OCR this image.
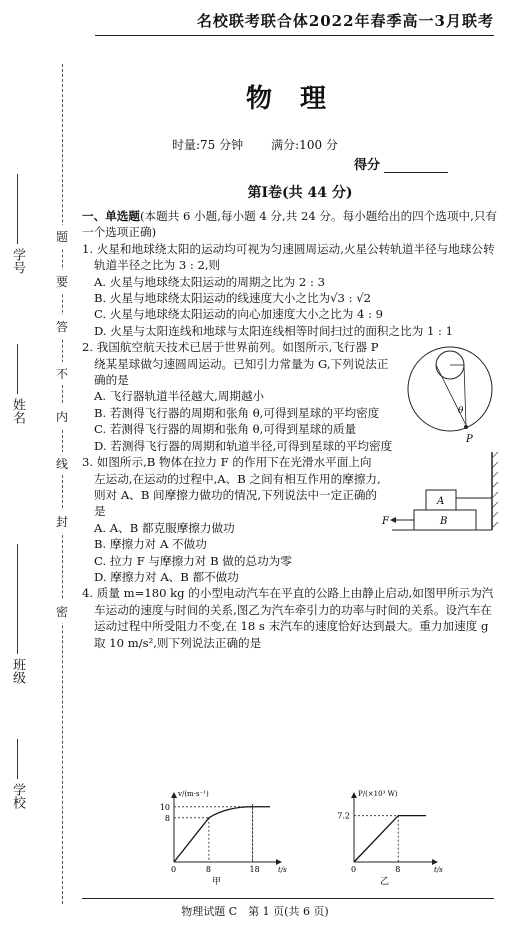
学号
姓名
班级
学校
密
封
线
内
不
要
答
题
名校联考联合体2022年春季高一3月联考
物理
时量:75 分钟 满分:100 分
得分
第Ⅰ卷(共 44 分)

一、单选题(本题共 6 小题,每小题 4 分,共 24 分。每小题给出的四个选项中,只有一个选项正确)

1. 火星和地球绕太阳的运动均可视为匀速圆周运动,火星公转轨道半径与地球公转轨道半径之比为 3 : 2,则

A. 火星与地球绕太阳运动的周期之比为 2 : 3

B. 火星与地球绕太阳运动的线速度大小之比为√3 : √2

C. 火星与地球绕太阳运动的向心加速度大小之比为 4 : 9

D. 火星与太阳连线和地球与太阳连线相等时间扫过的面积之比为 1 : 1

2. 我国航空航天技术已居于世界前列。如图所示,飞行器 P 绕某星球做匀速圆周运动。已知引力常量为 G,下列说法正确的是

A. 飞行器轨道半径越大,周期越小

B. 若测得飞行器的周期和张角 θ,可得到星球的平均密度

C. 若测得飞行器的周期和张角 θ,可得到星球的质量

D. 若测得飞行器的周期和轨道半径,可得到星球的平均密度

θ
P

3. 如图所示,B 物体在拉力 F 的作用下在光滑水平面上向左运动,在运动的过程中,A、B 之间有相互作用的摩擦力,则对 A、B 间摩擦力做功的情况,下列说法中一定正确的是

A. A、B 都克服摩擦力做功

B. 摩擦力对 A 不做功

C. 拉力 F 与摩擦力对 B 做的总功为零

D. 摩擦力对 A、B 都不做功

A
B
F

4. 质量 m=180 kg 的小型电动汽车在平直的公路上由静止启动,如图甲所示为汽车运动的速度与时间的关系,图乙为汽车牵引力的功率与时间的关系。设汽车在运动过程中所受阻力不变,在 18 s 末汽车的速度恰好达到最大。重力加速度 g 取 10 m/s²,则下列说法正确的是

v/(m·s⁻¹)
t/s
0	8	18
8
10
甲
P/(×10³ W)
t/s
0	8
7.2
乙
物理试题 C　第 1 页(共 6 页)
